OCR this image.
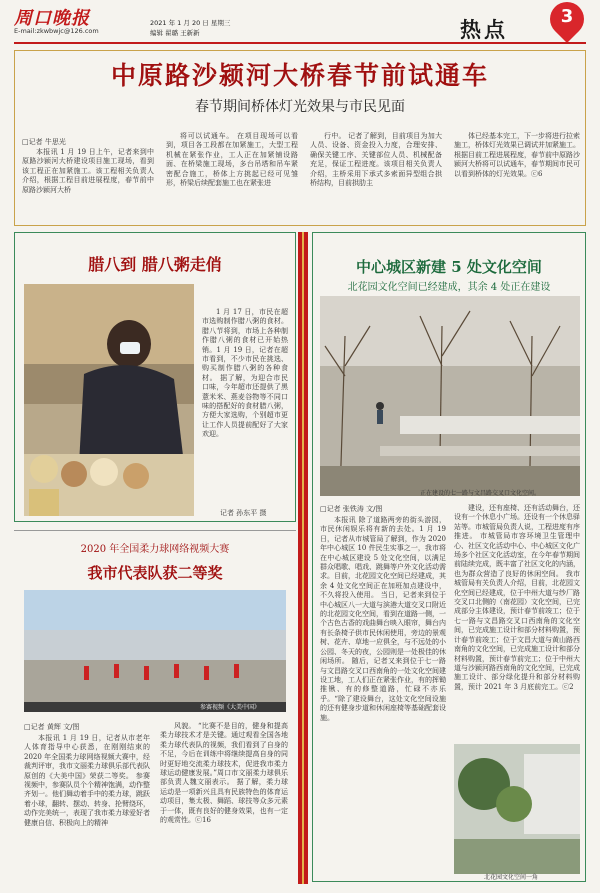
周口晚报
E-mail:zkwbwjc@126.com
2021 年 1 月 20 日 星期三
编辑 翟璐 王新新	热点
3
中原路沙颍河大桥春节前试通车
春节期间桥体灯光效果与市民见面
□记者 牛思光

本报讯 1 月 19 日上午，记者来到中原路沙颍河大桥建设项目施工现场，看到该工程正在加紧施工。该工程相关负责人介绍，根据工程目前进展程度，春节前中原路沙颍河大桥

将可以试通车。 在项目现场可以看到，项目各工段都在加紧施工，大型工程机械在紧张作业，工人正在加紧铺设路面、在桥梁施工现场，多台吊塔和吊车紧密配合施工，桥体上方挑起已经可见雏形，桥梁后续配套施工也在紧张进

行中。 记者了解到，目前项目为加大人员、设备、资金投入力度，合理安排、确保关键工序、关键部位人员、机械配备充足，保证工程进度。该项目相关负责人介绍，主桥采用下承式多索面异型组合拱桥结构，目前拱肋主

体已经基本完工，下一步将进行拉索施工，桥体灯光效果已调试并加紧施工。根据目前工程进展程度，春节前中原路沙颍河大桥将可以试通车，春节期间市民可以看到桥体的灯光效果。ⓒ6

腊八到 腊八粥走俏

1 月 17 日，市民在超市选购制作腊八粥的食材。腊八节将到，市场上各种制作腊八粥的食材已开始热销。1 月 19 日，记者在超市看到，不少市民在挑选、购买制作腊八粥的各种食材。 据了解，为迎合市民口味，今年超市还提供了黑薏米米、燕麦谷物等不同口味的搭配好的食材腊八粥，方便大家选购，个别超市更让工作人员提前配好了大家欢迎。

记者 孙东平 摄
中心城区新建 5 处文化空间
北花园文化空间已经建成，其余 4 处正在建设
正在建设的七一路与文昌路交叉口文化空间。
□记者 张铁涛 文/图

本报讯 除了道路两旁的街头游园，市民休闲娱乐将有新的去处。1 月 19 日，记者从市城管局了解到，作为 2020 年中心城区 10 件民生实事之一，我市将在中心城区建设 5 处文化空间，以满足群众唱歌、唱戏、跳舞等户外文化活动需求。目前，北花园文化空间已经建成，其余 4 处文化空间正在加班加点建设中，不久将投入使用。 当日，记者来到位于中心城区八一大道与滨港大道交叉口附近的北花园文化空间，看到在道路一侧，一个古色古香的戏曲舞台映入眼帘，舞台内有长条椅子供市民休闲使用，旁边的景观树、花卉、草地一应俱全，与不远处的小公园、冬天的夜，公园则是一处极佳的休闲场所。 随后，记者又来到位于七一路与文昌路交叉口西南角的一处文化空间建设工地，工人们正在紧张作业，有的挥锄推锹、有的修整道路，忙碌不亦乐乎。“除了建设舞台，这处文化空间设施的还有健身步道和休闲座椅等基础配套设施。

建设，还有座椅、还有活动舞台，还设有一个休息小广场。还设有一个休息驿站等。市城管局负责人说，工程进度有序推进。 市城管局市容环境卫生管理中心、社区文化活动中心、中心城区文化广场多个社区文化活动室，在今年春节期间前陆续完成，既丰富了社区文化的内涵，也为群众营造了良好的休闲空间。 我市城管局有关负责人介绍，目前，北花园文化空间已经建成，位于中州大道与纱厂路交叉口北侧的（南花园）文化空间，已完成部分主体建设，预计春节前竣工；位于七一路与文昌路交叉口西南角的文化空间，已完成施工设计和部分材料购置，预计春节前竣工；位于文昌大道与黄山路西南角的文化空间，已完成施工设计和部分材料购置，预计春节前完工；位于中州大道与沙颍河路西南角的文化空间，已完成施工设计、部分绿化提升和部分材料购置，预计 2021 年 3 月底前完工。ⓒ2

北花园文化空间一角
2020 年全国柔力球网络视频大赛
我市代表队获二等奖
参赛视频《大美中国》
□记者 黄辉 文/图

本报讯 1 月 19 日，记者从市老年人体育指导中心获悉，在刚刚结束的 2020 年全国柔力球网络视频大赛中，经裁判评审，我市文丽柔力球俱乐部代表队原创的《大美中国》荣获二等奖。 参赛视频中，参赛队员个个精神饱满，动作整齐划一。他们舞动着手中的柔力球，跳跃着小球，翻转、摆动、转身、抡臂绕环，动作完美统一，表现了我市柔力球爱好者健康自信、积极向上的精神

风貌。 “比赛不是目的，健身和提高柔力球技术才是关键。通过观看全国各地柔力球代表队的视频，我们看到了自身的不足，今后在训练中将继续提高自身的同时更好地交流柔力球技术，促进我市柔力球运动健康发展。”周口市文丽柔力球俱乐部负责人魏文丽表示。 据了解，柔力球运动是一项新兴且具有民族特色的体育运动项目，集太极、舞蹈、球技等众多元素于一体，既有良好的健身效果，也有一定的观赏性。ⓒ16
